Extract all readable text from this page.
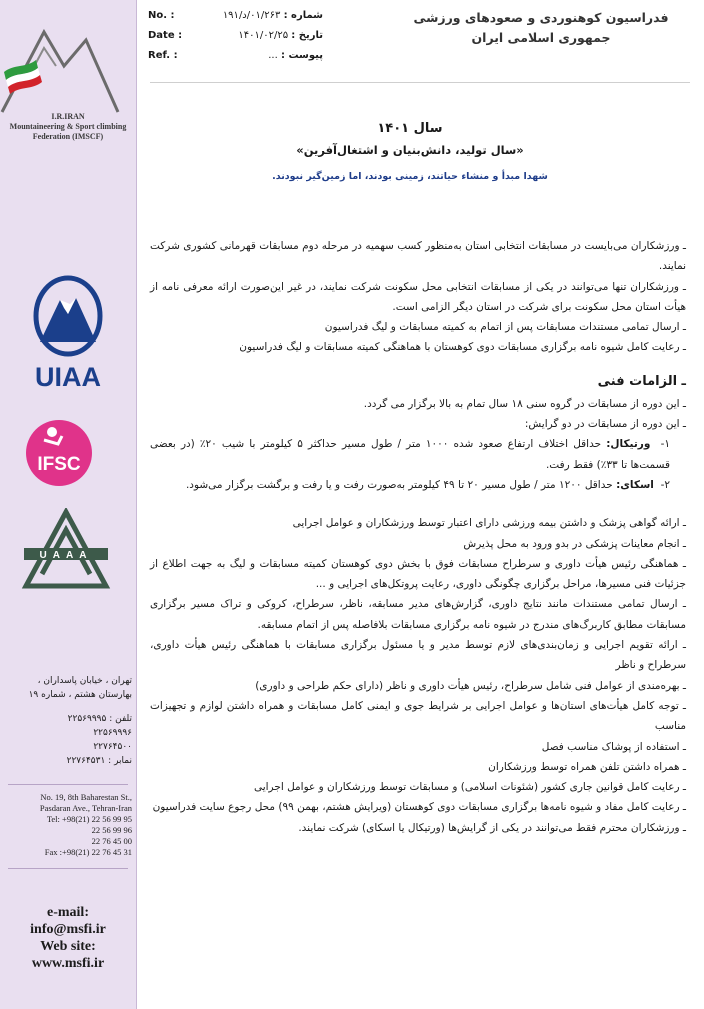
I.R.IRAN
Mountaineering & Sport climbing
Federation (IMSCF)
UIAA
IFSC
UAAA
تهران ، خیابان پاسداران ،
بهارستان هشتم ، شماره ۱۹
تلفن : ۲۲۵۶۹۹۹۵
۲۲۵۶۹۹۹۶
۲۲۷۶۴۵۰۰
نمابر : ۲۲۷۶۴۵۳۱
No. 19, 8th Baharestan St.,
Pasdaran Ave., Tehran-Iran
Tel: +98(21) 22 56 99 95
22 56 99 96
22 76 45 00
Fax :+98(21) 22 76 45 31
e-mail:
info@msfi.ir
Web site:
www.msfi.ir
شماره : ۰۱/۲۶۳/د/۱۹۱
No. :
تاریخ : ۱۴۰۱/۰۲/۲۵
Date :
پیوست : ...
Ref. :
فدراسیون کوهنوردی و صعودهای ورزشی
جمهوری اسلامی ایران
سال ۱۴۰۱
«سال تولید، دانش‌بنیان و اشتغال‌آفرین»
شهدا مبدأ و منشاء حیاتند، زمینی بودند، اما زمین‌گیر نبودند.

ـ ورزشکاران می‌بایست در مسابقات انتخابی استان به‌منظور کسب سهمیه در مرحله دوم مسابقات قهرمانی کشوری شرکت نمایند.

ـ ورزشکاران تنها می‌توانند در یکی از مسابقات انتخابی محل سکونت شرکت نمایند، در غیر این‌صورت ارائه معرفی نامه از هیأت استان محل سکونت برای شرکت در استان دیگر الزامی است.

ـ ارسال تمامی مستندات مسابقات پس از اتمام به کمیته مسابقات و لیگ فدراسیون

ـ رعایت کامل شیوه نامه برگزاری مسابقات دوی کوهستان با هماهنگی کمیته مسابقات و لیگ فدراسیون

ـ الزامات فنی

ـ این دوره از مسابقات در گروه سنی ۱۸ سال تمام به بالا برگزار می گردد.

ـ این دوره از مسابقات در دو گرایش:

۱-  ورتیکال: حداقل اختلاف ارتفاع صعود شده ۱۰۰۰ متر / طول مسیر حداکثر ۵ کیلومتر با شیب ۲۰٪ (در بعضی قسمت‌ها تا ۳۳٪) فقط رفت.

۲-  اسکای: حداقل ۱۲۰۰ متر / طول مسیر ۲۰ تا ۴۹ کیلومتر به‌صورت رفت و یا رفت و برگشت برگزار می‌شود.

ـ ارائه گواهی پزشک و داشتن بیمه ورزشی دارای اعتبار توسط ورزشکاران و عوامل اجرایی

ـ انجام معاینات پزشکی در بدو ورود به محل پذیرش

ـ هماهنگی رئیس هیأت داوری و سرطراح مسابقات فوق با بخش دوی کوهستان کمیته مسابقات و لیگ به جهت اطلاع از جزئیات فنی مسیرها، مراحل برگزاری چگونگی داوری، رعایت پروتکل‌های اجرایی و ...

ـ ارسال تمامی مستندات مانند نتایج داوری، گزارش‌های مدیر مسابقه، ناظر، سرطراح، کروکی و تراک مسیر برگزاری مسابقات مطابق کاربرگ‌های مندرج در شیوه نامه برگزاری مسابقات بلافاصله پس از اتمام مسابقه.

ـ ارائه تقویم اجرایی و زمان‌بندی‌های لازم توسط مدیر و یا مسئول برگزاری مسابقات با هماهنگی رئیس هیأت داوری، سرطراح و ناظر

ـ بهره‌مندی از عوامل فنی شامل سرطراح، رئیس هیأت داوری و ناظر (دارای حکم طراحی و داوری)

ـ توجه کامل هیأت‌های استان‌ها و عوامل اجرایی بر شرایط جوی و ایمنی کامل مسابقات و همراه داشتن لوازم و تجهیزات مناسب

ـ استفاده از پوشاک مناسب فصل

ـ همراه داشتن تلفن همراه توسط ورزشکاران

ـ رعایت کامل قوانین جاری کشور (شئونات اسلامی) و مسابقات توسط ورزشکاران و عوامل اجرایی

ـ رعایت کامل مفاد و شیوه نامه‌ها برگزاری مسابقات دوی کوهستان (ویرایش هشتم، بهمن ۹۹) محل رجوع سایت فدراسیون

ـ ورزشکاران محترم فقط می‌توانند در یکی از گرایش‌ها (ورتیکال یا اسکای) شرکت نمایند.
